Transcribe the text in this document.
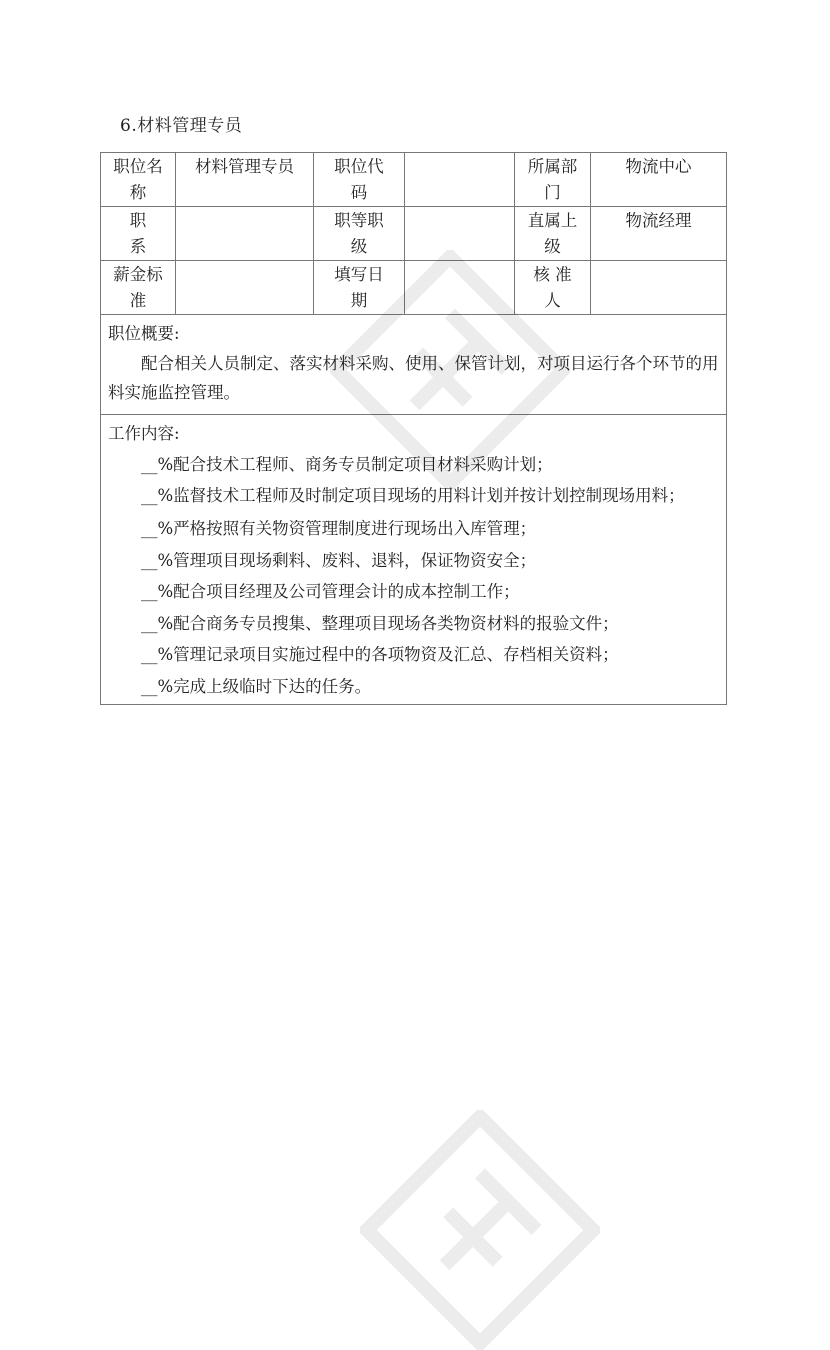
6.材料管理专员
职位名
称
材料管理专员	职位代
码
所属部
门
物流中心
职
系
职等职
级
直属上
级
物流经理
薪金标
准
填写日
期
核 准
人

职位概要:

配合相关人员制定、落实材料采购、使用、保管计划，对项目运行各个环节的用料实施监控管理。

工作内容:

__%配合技术工程师、商务专员制定项目材料采购计划；

__%监督技术工程师及时制定项目现场的用料计划并按计划控制现场用料；

__%严格按照有关物资管理制度进行现场出入库管理；

__%管理项目现场剩料、废料、退料，保证物资安全；

__%配合项目经理及公司管理会计的成本控制工作；

__%配合商务专员搜集、整理项目现场各类物资材料的报验文件；

__%管理记录项目实施过程中的各项物资及汇总、存档相关资料；

__%完成上级临时下达的任务。
